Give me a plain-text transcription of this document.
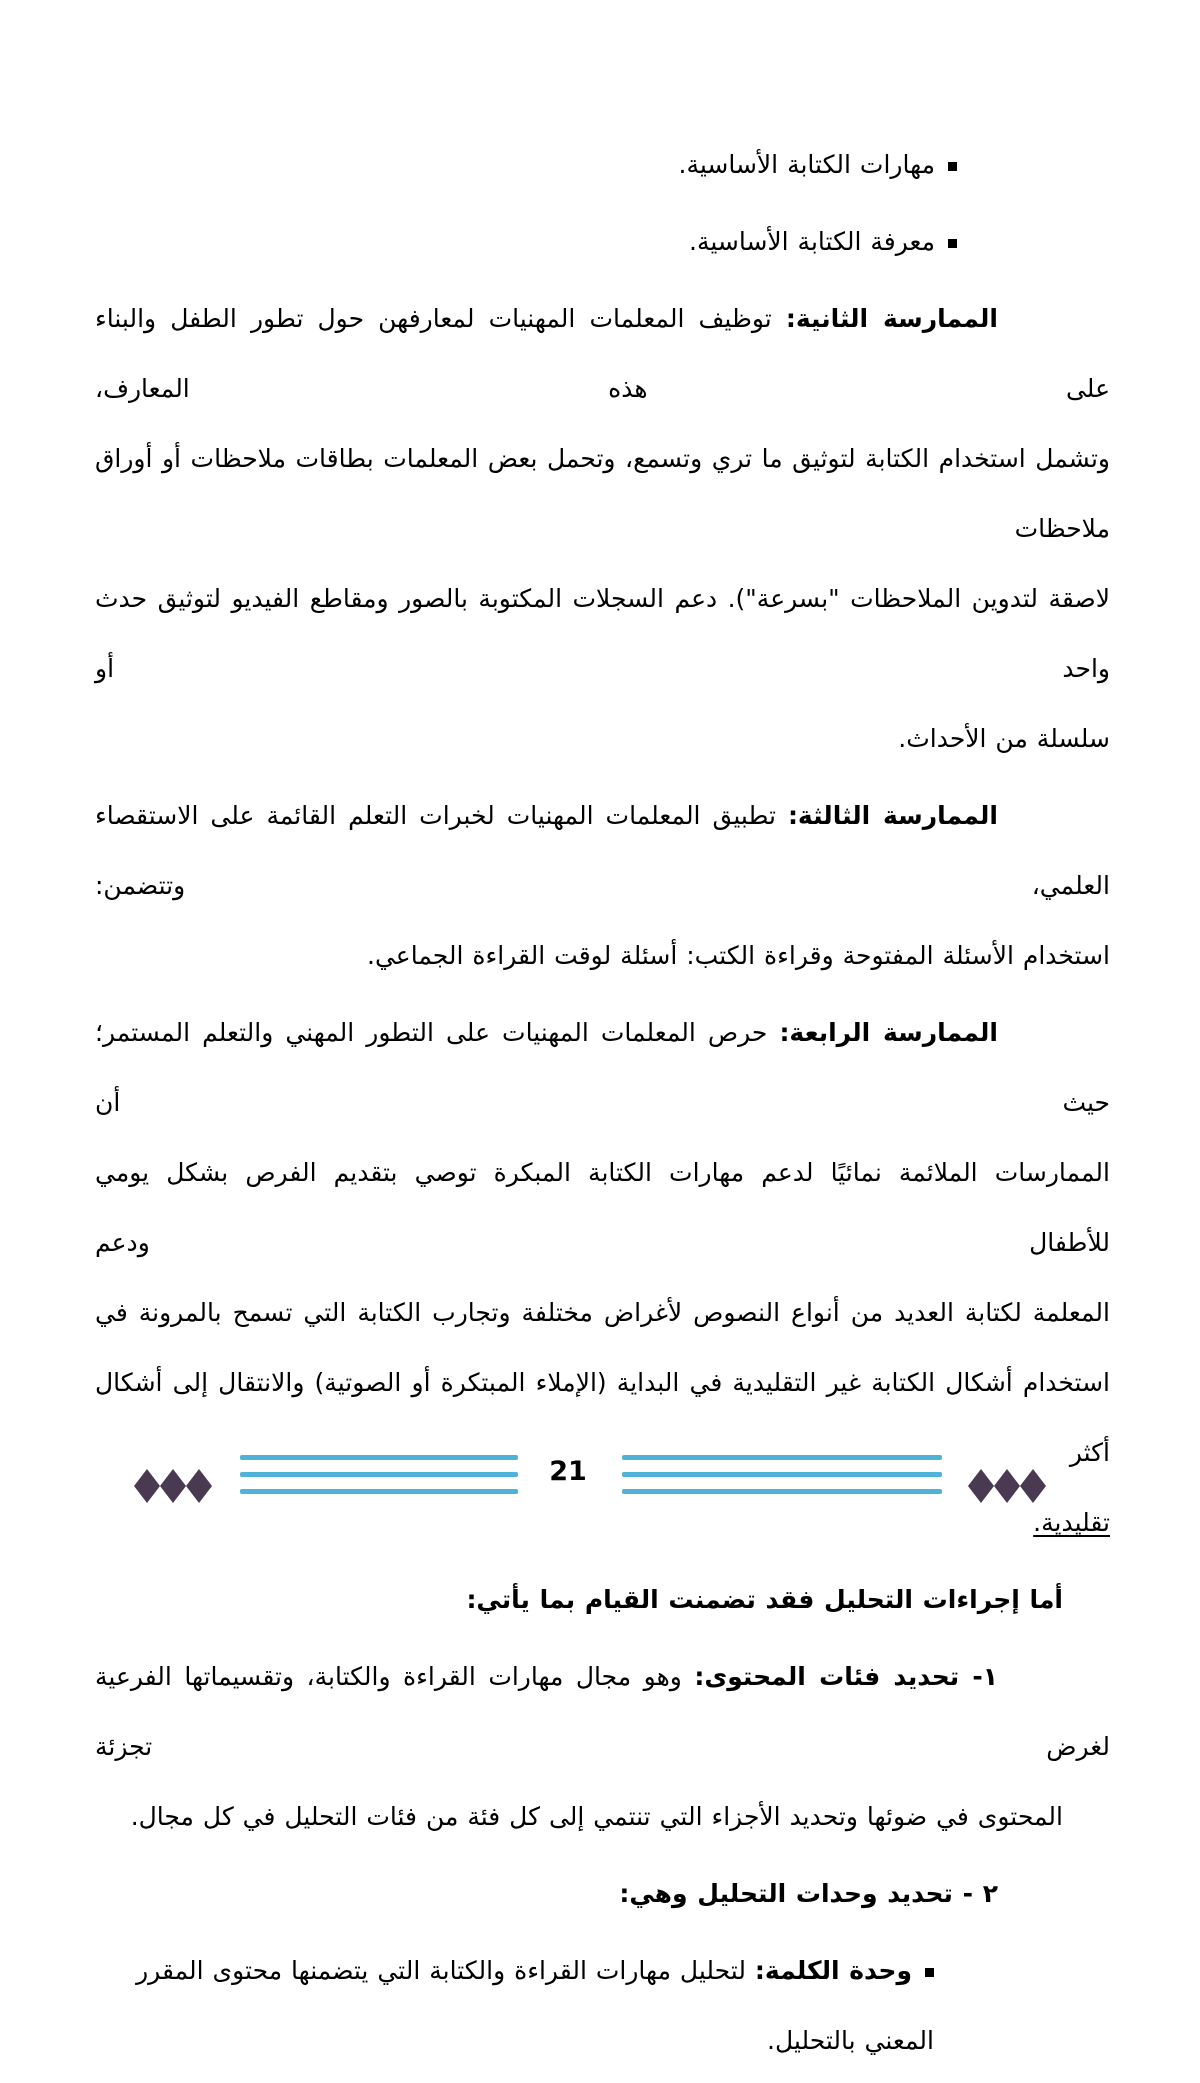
مهارات الكتابة الأساسية.
معرفة الكتابة الأساسية.
الممارسة الثانية: توظيف المعلمات المهنيات لمعارفهن حول تطور الطفل والبناء على هذه المعارف،
وتشمل استخدام الكتابة لتوثيق ما تري وتسمع، وتحمل بعض المعلمات بطاقات ملاحظات أو أوراق ملاحظات
لاصقة لتدوين الملاحظات "بسرعة"). دعم السجلات المكتوبة بالصور ومقاطع الفيديو لتوثيق حدث واحد أو
سلسلة من الأحداث.
الممارسة الثالثة: تطبيق المعلمات المهنيات لخبرات التعلم القائمة على الاستقصاء العلمي، وتتضمن:
استخدام الأسئلة المفتوحة وقراءة الكتب: أسئلة لوقت القراءة الجماعي.
الممارسة الرابعة: حرص المعلمات المهنيات على التطور المهني والتعلم المستمر؛ حيث أن
الممارسات الملائمة نمائيًا لدعم مهارات الكتابة المبكرة توصي بتقديم الفرص بشكل يومي للأطفال ودعم
المعلمة لكتابة العديد من أنواع النصوص لأغراض مختلفة وتجارب الكتابة التي تسمح بالمرونة في
استخدام أشكال الكتابة غير التقليدية في البداية (الإملاء المبتكرة أو الصوتية) والانتقال إلى أشكال أكثر
تقليدية.
أما إجراءات التحليل فقد تضمنت القيام بما يأتي:
١- تحديد فئات المحتوى: وهو مجال مهارات القراءة والكتابة، وتقسيماتها الفرعية لغرض تجزئة
المحتوى في ضوئها وتحديد الأجزاء التي تنتمي إلى كل فئة من فئات التحليل في كل مجال.
٢ - تحديد وحدات التحليل وهي:
وحدة الكلمة: لتحليل مهارات القراءة والكتابة التي يتضمنها محتوى المقرر المعني بالتحليل.
21
